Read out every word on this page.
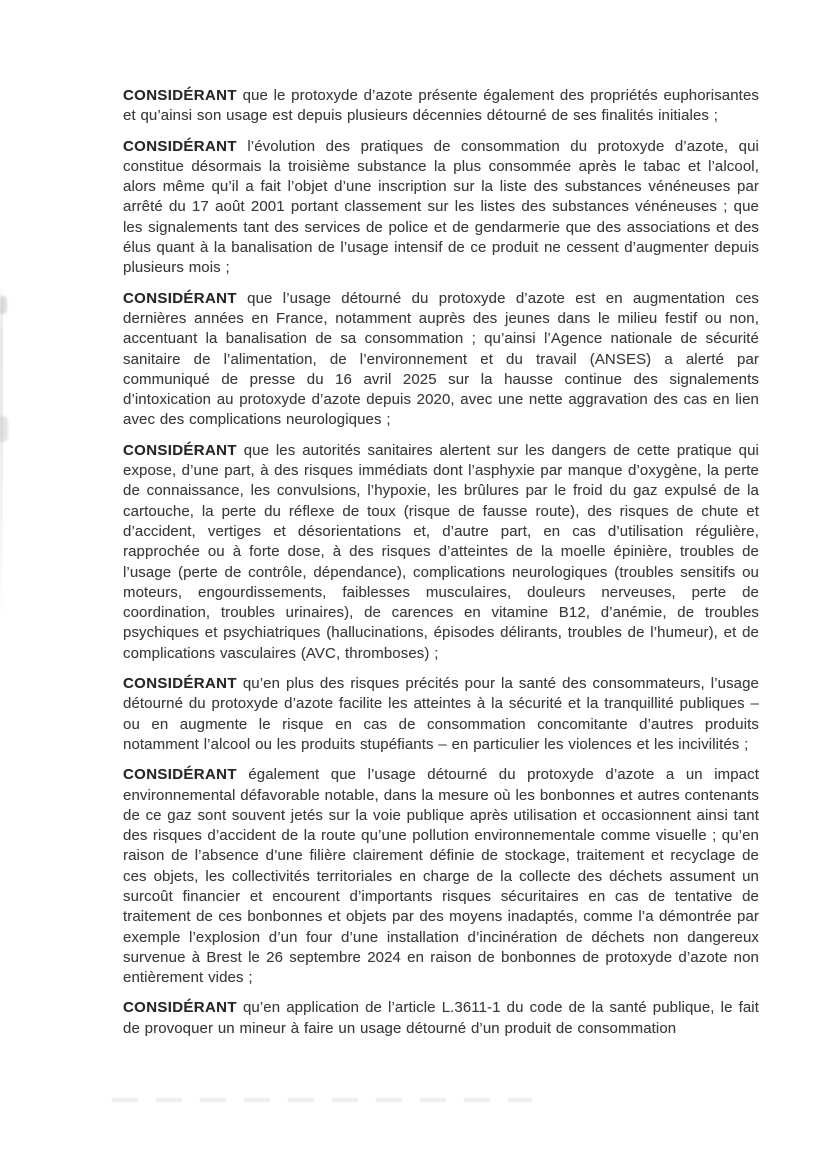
CONSIDÉRANT que le protoxyde d’azote présente également des propriétés euphorisantes et qu’ainsi son usage est depuis plusieurs décennies détourné de ses finalités initiales ;

CONSIDÉRANT l’évolution des pratiques de consommation du protoxyde d’azote, qui constitue désormais la troisième substance la plus consommée après le tabac et l’alcool, alors même qu’il a fait l’objet d’une inscription sur la liste des substances vénéneuses par arrêté du 17 août 2001 portant classement sur les listes des substances vénéneuses ; que les signalements tant des services de police et de gendarmerie que des associations et des élus quant à la banalisation de l’usage intensif de ce produit ne cessent d’augmenter depuis plusieurs mois ;

CONSIDÉRANT que l’usage détourné du protoxyde d’azote est en augmentation ces dernières années en France, notamment auprès des jeunes dans le milieu festif ou non, accentuant la banalisation de sa consommation ; qu’ainsi l’Agence nationale de sécurité sanitaire de l’alimentation, de l’environnement et du travail (ANSES) a alerté par communiqué de presse du 16 avril 2025 sur la hausse continue des signalements d’intoxication au protoxyde d’azote depuis 2020, avec une nette aggravation des cas en lien avec des complications neurologiques ;

CONSIDÉRANT que les autorités sanitaires alertent sur les dangers de cette pratique qui expose, d’une part, à des risques immédiats dont l’asphyxie par manque d’oxygène, la perte de connaissance, les convulsions, l’hypoxie, les brûlures par le froid du gaz expulsé de la cartouche, la perte du réflexe de toux (risque de fausse route), des risques de chute et d’accident, vertiges et désorientations et, d’autre part, en cas d’utilisation régulière, rapprochée ou à forte dose, à des risques d’atteintes de la moelle épinière, troubles de l’usage (perte de contrôle, dépendance), complications neurologiques (troubles sensitifs ou moteurs, engourdissements, faiblesses musculaires, douleurs nerveuses, perte de coordination, troubles urinaires), de carences en vitamine B12, d’anémie, de troubles psychiques et psychiatriques (hallucinations, épisodes délirants, troubles de l’humeur), et de complications vasculaires (AVC, thromboses) ;

CONSIDÉRANT qu’en plus des risques précités pour la santé des consommateurs, l’usage détourné du protoxyde d’azote facilite les atteintes à la sécurité et la tranquillité publiques – ou en augmente le risque en cas de consommation concomitante d’autres produits notamment l’alcool ou les produits stupéfiants – en particulier les violences et les incivilités ;

CONSIDÉRANT également que l’usage détourné du protoxyde d’azote a un impact environnemental défavorable notable, dans la mesure où les bonbonnes et autres contenants de ce gaz sont souvent jetés sur la voie publique après utilisation et occasionnent ainsi tant des risques d’accident de la route qu’une pollution environnementale comme visuelle ; qu’en raison de l’absence d’une filière clairement définie de stockage, traitement et recyclage de ces objets, les collectivités territoriales en charge de la collecte des déchets assument un surcoût financier et encourent d’importants risques sécuritaires en cas de tentative de traitement de ces bonbonnes et objets par des moyens inadaptés, comme l’a démontrée par exemple l’explosion d’un four d’une installation d’incinération de déchets non dangereux survenue à Brest le 26 septembre 2024 en raison de bonbonnes de protoxyde d’azote non entièrement vides ;

CONSIDÉRANT qu’en application de l’article L.3611-1 du code de la santé publique, le fait de provoquer un mineur à faire un usage détourné d’un produit de consommation
